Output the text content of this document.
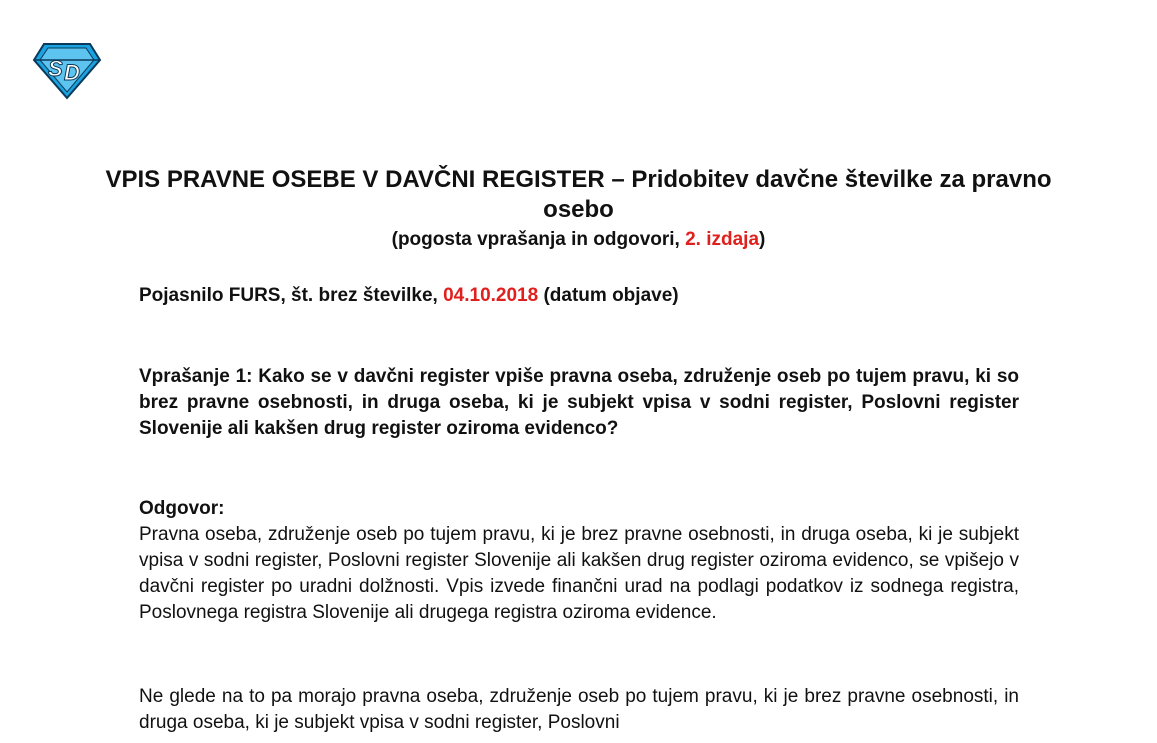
S D

VPIS PRAVNE OSEBE V DAVČNI REGISTER – Pridobitev davčne številke za pravno osebo

(pogosta vprašanja in odgovori, 2. izdaja)

Pojasnilo FURS, št. brez številke, 04.10.2018 (datum objave)

Vprašanje 1: Kako se v davčni register vpiše pravna oseba, združenje oseb po tujem pravu, ki so brez pravne osebnosti, in druga oseba, ki je subjekt vpisa v sodni register, Poslovni register Slovenije ali kakšen drug register oziroma evidenco?

Odgovor:

Pravna oseba, združenje oseb po tujem pravu, ki je brez pravne osebnosti, in druga oseba, ki je subjekt vpisa v sodni register, Poslovni register Slovenije ali kakšen drug register oziroma evidenco, se vpišejo v davčni register po uradni dolžnosti. Vpis izvede finančni urad na podlagi podatkov iz sodnega registra, Poslovnega registra Slovenije ali drugega registra oziroma evidence.

Ne glede na to pa morajo pravna oseba, združenje oseb po tujem pravu, ki je brez pravne osebnosti, in druga oseba, ki je subjekt vpisa v sodni register, Poslovni
